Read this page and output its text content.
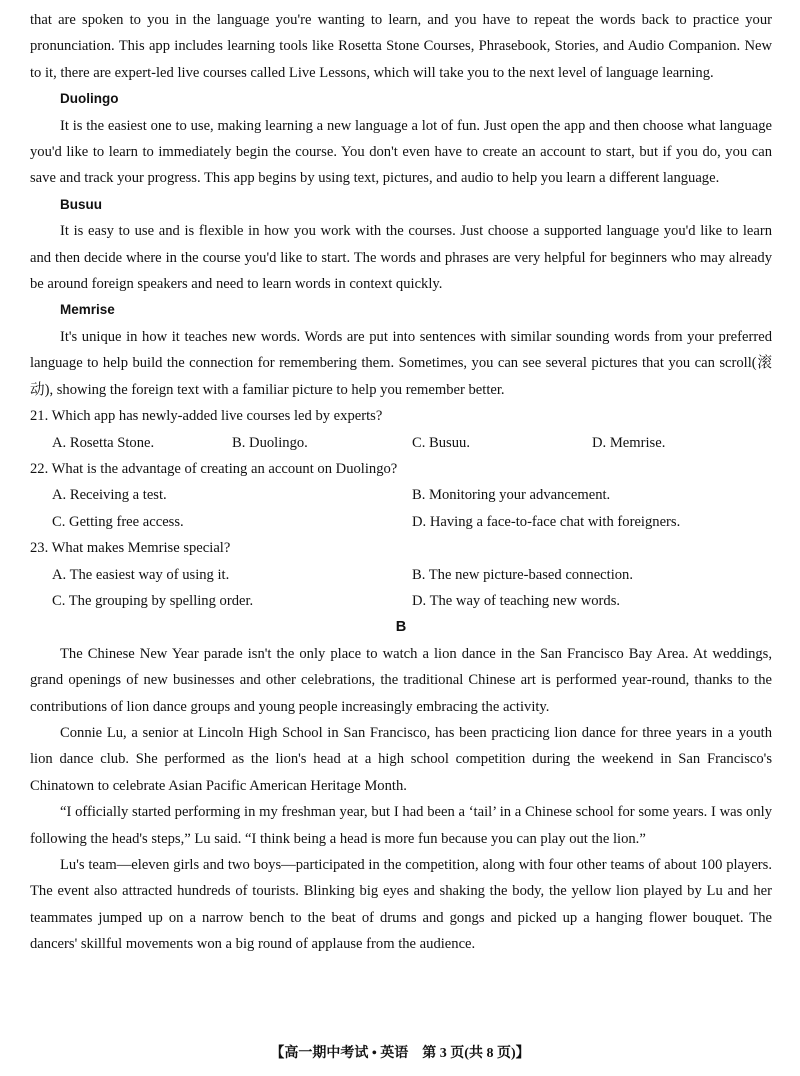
that are spoken to you in the language you're wanting to learn, and you have to repeat the words back to practice your pronunciation. This app includes learning tools like Rosetta Stone Courses, Phrasebook, Stories, and Audio Companion. New to it, there are expert-led live courses called Live Lessons, which will take you to the next level of language learning.

Duolingo

It is the easiest one to use, making learning a new language a lot of fun. Just open the app and then choose what language you'd like to learn to immediately begin the course. You don't even have to create an account to start, but if you do, you can save and track your progress. This app begins by using text, pictures, and audio to help you learn a different language.

Busuu

It is easy to use and is flexible in how you work with the courses. Just choose a supported language you'd like to learn and then decide where in the course you'd like to start. The words and phrases are very helpful for beginners who may already be around foreign speakers and need to learn words in context quickly.

Memrise

It's unique in how it teaches new words. Words are put into sentences with similar sounding words from your preferred language to help build the connection for remembering them. Sometimes, you can see several pictures that you can scroll(滚动), showing the foreign text with a familiar picture to help you remember better.

21. Which app has newly-added live courses led by experts?
A. Rosetta Stone.	B. Duolingo.	C. Busuu.	D. Memrise.
22. What is the advantage of creating an account on Duolingo?
A. Receiving a test.	B. Monitoring your advancement.
C. Getting free access.	D. Having a face-to-face chat with foreigners.
23. What makes Memrise special?
A. The easiest way of using it.	B. The new picture-based connection.
C. The grouping by spelling order.	D. The way of teaching new words.
B

The Chinese New Year parade isn't the only place to watch a lion dance in the San Francisco Bay Area. At weddings, grand openings of new businesses and other celebrations, the traditional Chinese art is performed year-round, thanks to the contributions of lion dance groups and young people increasingly embracing the activity.

Connie Lu, a senior at Lincoln High School in San Francisco, has been practicing lion dance for three years in a youth lion dance club. She performed as the lion's head at a high school competition during the weekend in San Francisco's Chinatown to celebrate Asian Pacific American Heritage Month.

“I officially started performing in my freshman year, but I had been a ‘tail’ in a Chinese school for some years. I was only following the head's steps,” Lu said. “I think being a head is more fun because you can play out the lion.”

Lu's team—eleven girls and two boys—participated in the competition, along with four other teams of about 100 players. The event also attracted hundreds of tourists. Blinking big eyes and shaking the body, the yellow lion played by Lu and her teammates jumped up on a narrow bench to the beat of drums and gongs and picked up a hanging flower bouquet. The dancers' skillful movements won a big round of applause from the audience.

【高一期中考试 • 英语　第 3 页(共 8 页)】
